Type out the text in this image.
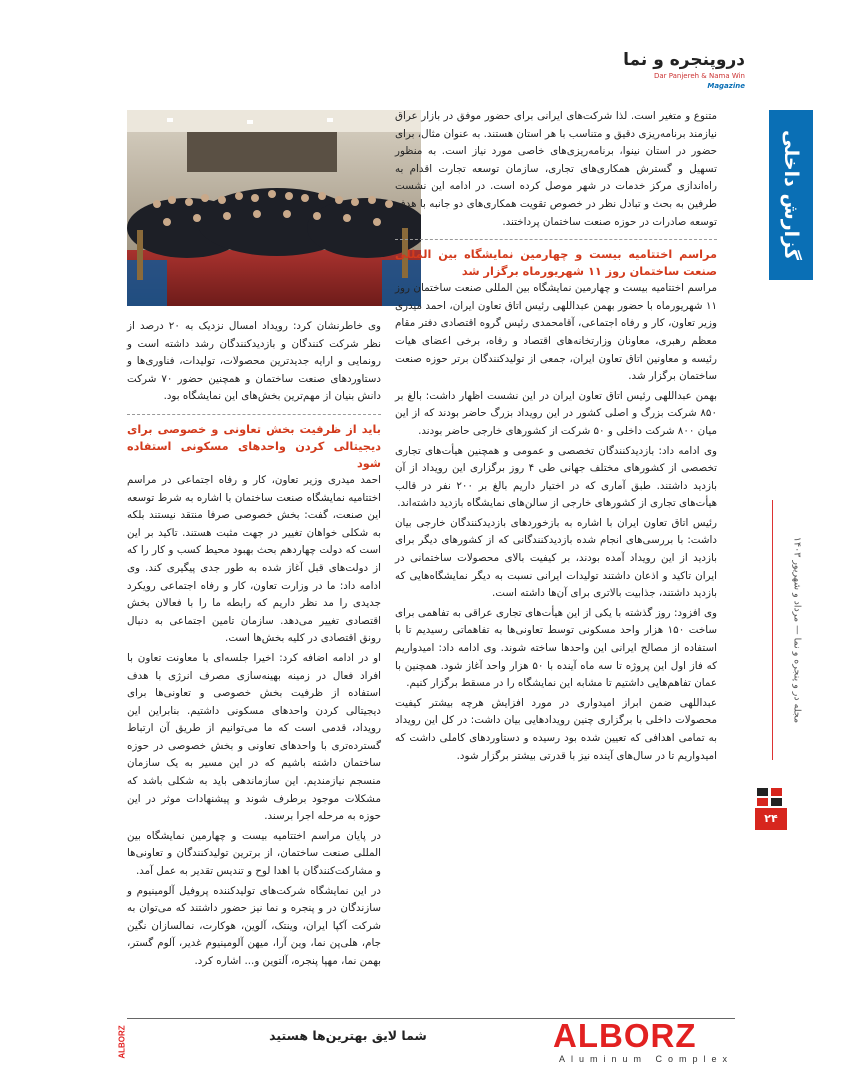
دروپنجره و نما
Dar Panjereh & Nama Win Magazine
گزارش داخلی
مجله در و پنجره و نما — مرداد و شهریور ۱۴۰۳
۲۴

متنوع و متغیر است. لذا شرکت‌های ایرانی برای حضور موفق در بازار عراق نیازمند برنامه‌ریزی دقیق و متناسب با هر استان هستند. به عنوان مثال، برای حضور در استان نینوا، برنامه‌ریزی‌های خاصی مورد نیاز است. به منظور تسهیل و گسترش همکاری‌های تجاری، سازمان توسعه تجارت اقدام به راه‌اندازی مرکز خدمات در شهر موصل کرده است. در ادامه این نشست طرفین به بحث و تبادل نظر در خصوص تقویت همکاری‌های دو جانبه با هدف توسعه صادرات در حوزه صنعت ساختمان پرداختند.

مراسم اختتامیه بیست و چهارمین نمایشگاه بین المللی صنعت ساختمان روز ۱۱ شهریورماه برگزار شد

مراسم اختتامیه بیست و چهارمین نمایشگاه بین المللی صنعت ساختمان روز ۱۱ شهریورماه با حضور بهمن عبداللهی رئیس اتاق تعاون ایران، احمد میدری وزیر تعاون، کار و رفاه اجتماعی، آقامحمدی رئیس گروه اقتصادی دفتر مقام معظم رهبری، معاونان وزارتخانه‌های اقتصاد و رفاه، برخی اعضای هیات رئیسه و معاونین اتاق تعاون ایران، جمعی از تولیدکنندگان برتر حوزه صنعت ساختمان برگزار شد.

بهمن عبداللهی رئیس اتاق تعاون ایران در این نشست اظهار داشت: بالغ بر ۸۵۰ شرکت بزرگ و اصلی کشور در این رویداد بزرگ حاضر بودند که از این میان ۸۰۰ شرکت داخلی و ۵۰ شرکت از کشورهای خارجی حاضر بودند.

وی ادامه داد: بازدیدکنندگان تخصصی و عمومی و همچنین هیأت‌های تجاری تخصصی از کشورهای مختلف جهانی طی ۴ روز برگزاری این رویداد از آن بازدید داشتند. طبق آماری که در اختیار داریم بالغ بر ۲۰۰ نفر در قالب هیأت‌های تجاری از کشورهای خارجی از سالن‌های نمایشگاه بازدید داشته‌اند.

رئیس اتاق تعاون ایران با اشاره به بازخوردهای بازدیدکنندگان خارجی بیان داشت: با بررسی‌های انجام شده بازدیدکنندگانی که از کشورهای دیگر برای بازدید از این رویداد آمده بودند، بر کیفیت بالای محصولات ساختمانی در ایران تاکید و اذعان داشتند تولیدات ایرانی نسبت به دیگر نمایشگاه‌هایی که بازدید داشتند، جذابیت بالاتری برای آن‌ها داشته است.

وی افزود: روز گذشته با یکی از این هیأت‌های تجاری عراقی به تفاهمی برای ساخت ۱۵۰ هزار واحد مسکونی توسط تعاونی‌ها به تفاهماتی رسیدیم تا با استفاده از مصالح ایرانی این واحدها ساخته شوند. وی ادامه داد: امیدواریم که فاز اول این پروژه تا سه ماه آینده با ۵۰ هزار واحد آغاز شود. همچنین با عمان تفاهم‌هایی داشتیم تا مشابه این نمایشگاه را در مسقط برگزار کنیم.

عبداللهی ضمن ابراز امیدواری در مورد افزایش هرچه بیشتر کیفیت محصولات داخلی با برگزاری چنین رویدادهایی بیان داشت: در کل این رویداد به تمامی اهدافی که تعیین شده بود رسیده و دستاوردهای کاملی داشت که امیدواریم تا در سال‌های آینده نیز با قدرتی بیشتر برگزار شود.

وی خاطرنشان کرد: رویداد امسال نزدیک به ۲۰ درصد از نظر شرکت کنندگان و بازدیدکنندگان رشد داشته است و رونمایی و ارایه جدیدترین محصولات، تولیدات، فناوری‌ها و دستاوردهای صنعت ساختمان و همچنین حضور ۷۰ شرکت دانش بنیان از مهم‌ترین بخش‌های این نمایشگاه بود.

باید از ظرفیت بخش تعاونی و خصوصی برای دیجیتالی کردن واحدهای مسکونی استفاده شود

احمد میدری وزیر تعاون، کار و رفاه اجتماعی در مراسم اختتامیه نمایشگاه صنعت ساختمان با اشاره به شرط توسعه این صنعت، گفت: بخش خصوصی صرفا منتقد نیستند بلکه به شکلی خواهان تغییر در جهت مثبت هستند. تاکید بر این است که دولت چهاردهم بحث بهبود محیط کسب و کار را که از دولت‌های قبل آغاز شده به طور جدی پیگیری کند. وی ادامه داد: ما در وزارت تعاون، کار و رفاه اجتماعی رویکرد جدیدی را مد نظر داریم که رابطه ما را با فعالان بخش اقتصادی تغییر می‌دهد. سازمان تامین اجتماعی به دنبال رونق اقتصادی در کلیه بخش‌ها است.

او در ادامه اضافه کرد: اخیرا جلسه‌ای با معاونت تعاون با افراد فعال در زمینه بهینه‌سازی مصرف انرژی با هدف استفاده از ظرفیت بخش خصوصی و تعاونی‌ها برای دیجیتالی کردن واحدهای مسکونی داشتیم. بنابراین این رویداد، قدمی است که ما می‌توانیم از طریق آن ارتباط گسترده‌تری با واحدهای تعاونی و بخش خصوصی در حوزه ساختمان داشته باشیم که در این مسیر به یک سازمان منسجم نیازمندیم. این سازماندهی باید به شکلی باشد که مشکلات موجود برطرف شوند و پیشنهادات موثر در این حوزه به مرحله اجرا برسند.

در پایان مراسم اختتامیه بیست و چهارمین نمایشگاه بین المللی صنعت ساختمان، از برترین تولیدکنندگان و تعاونی‌ها و مشارکت‌کنندگان با اهدا لوح و تندیس تقدیر به عمل آمد.

در این نمایشگاه شرکت‌های تولیدکننده پروفیل آلومینیوم و سازندگان در و پنجره و نما نیز حضور داشتند که می‌توان به شرکت آکپا ایران، وینتک، آلوین، هوکارت، نمالسازان نگین جام، هلی‌پن نما، وین آرا، میهن آلومینیوم غدیر، آلوم گستر، بهمن نما، مهپا پنجره، آلتوین و... اشاره کرد.

ALBORZ	شما لایق بهترین‌ها هستید	ALBORZ
Aluminum Complex
